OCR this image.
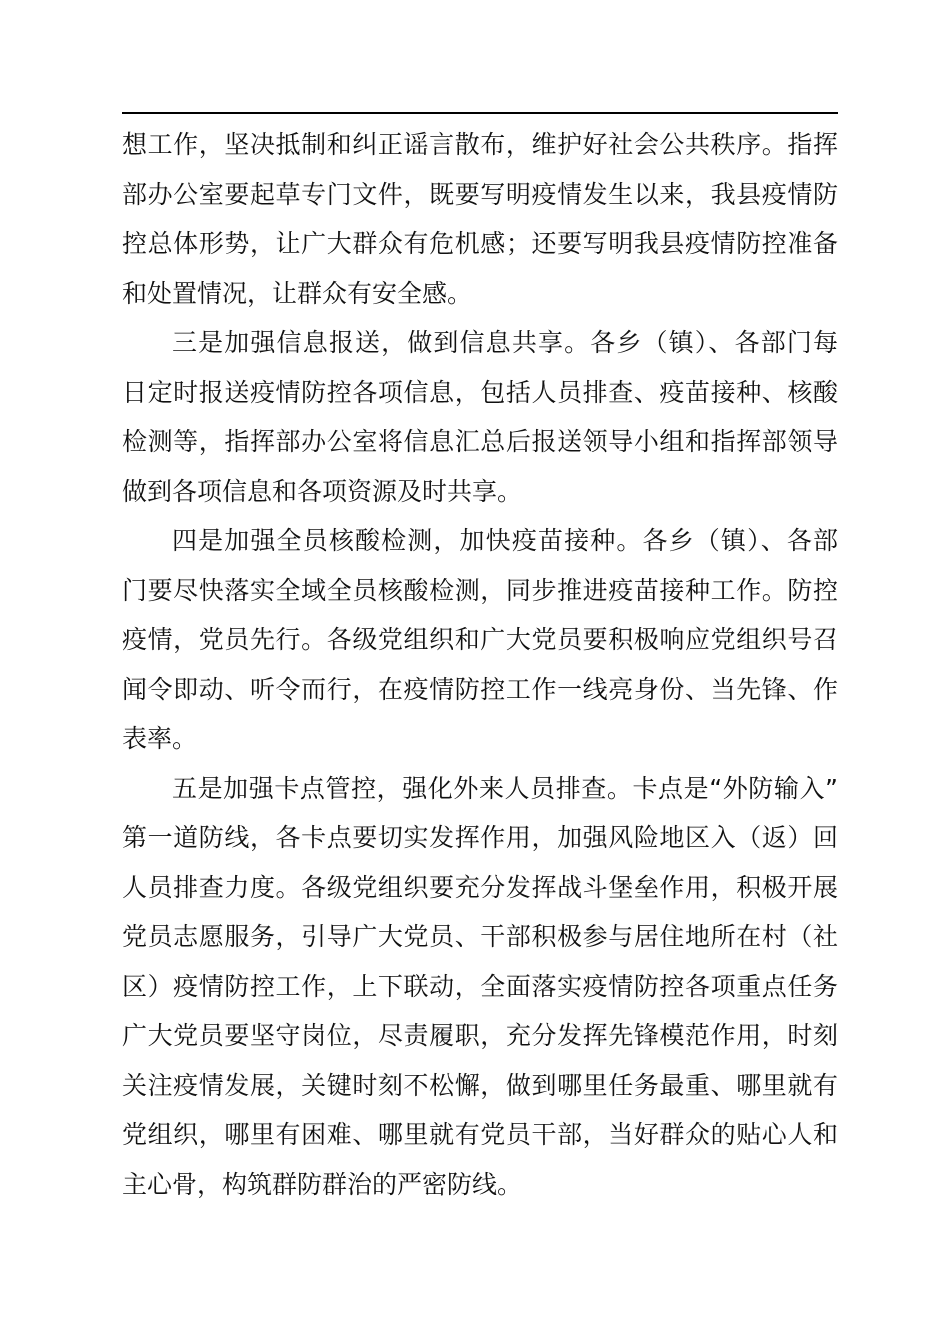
想工作，坚决抵制和纠正谣言散布，维护好社会公共秩序。指挥
部办公室要起草专门文件，既要写明疫情发生以来，我县疫情防
控总体形势，让广大群众有危机感；还要写明我县疫情防控准备
和处置情况，让群众有安全感。
三是加强信息报送，做到信息共享。各乡（镇）、各部门每
日定时报送疫情防控各项信息，包括人员排查、疫苗接种、核酸
检测等，指挥部办公室将信息汇总后报送领导小组和指挥部领导
做到各项信息和各项资源及时共享。
四是加强全员核酸检测，加快疫苗接种。各乡（镇）、各部
门要尽快落实全域全员核酸检测，同步推进疫苗接种工作。防控
疫情，党员先行。各级党组织和广大党员要积极响应党组织号召
闻令即动、听令而行，在疫情防控工作一线亮身份、当先锋、作
表率。
五是加强卡点管控，强化外来人员排查。卡点是“外防输入”
第一道防线，各卡点要切实发挥作用，加强风险地区入（返）回
人员排查力度。各级党组织要充分发挥战斗堡垒作用，积极开展
党员志愿服务，引导广大党员、干部积极参与居住地所在村（社
区）疫情防控工作，上下联动，全面落实疫情防控各项重点任务
广大党员要坚守岗位，尽责履职，充分发挥先锋模范作用，时刻
关注疫情发展，关键时刻不松懈，做到哪里任务最重、哪里就有
党组织，哪里有困难、哪里就有党员干部，当好群众的贴心人和
主心骨，构筑群防群治的严密防线。
